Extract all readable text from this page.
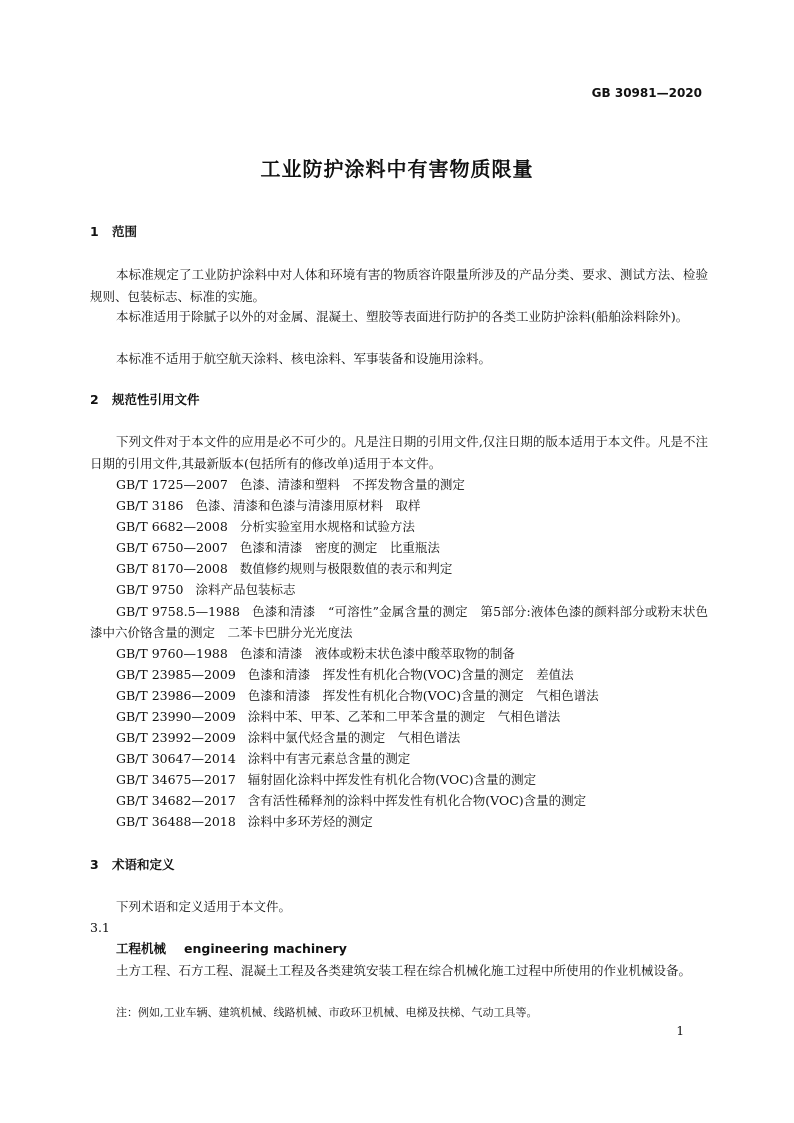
GB 30981—2020
工业防护涂料中有害物质限量
1 范围
本标准规定了工业防护涂料中对人体和环境有害的物质容许限量所涉及的产品分类、要求、测试方法、检验规则、包装标志、标准的实施。
本标准适用于除腻子以外的对金属、混凝土、塑胶等表面进行防护的各类工业防护涂料(船舶涂料除外)。
本标准不适用于航空航天涂料、核电涂料、军事装备和设施用涂料。
2 规范性引用文件
下列文件对于本文件的应用是必不可少的。凡是注日期的引用文件,仅注日期的版本适用于本文件。凡是不注日期的引用文件,其最新版本(包括所有的修改单)适用于本文件。
GB/T 1725—2007 色漆、清漆和塑料　不挥发物含量的测定
GB/T 3186 色漆、清漆和色漆与清漆用原材料　取样
GB/T 6682—2008 分析实验室用水规格和试验方法
GB/T 6750—2007 色漆和清漆　密度的测定　比重瓶法
GB/T 8170—2008 数值修约规则与极限数值的表示和判定
GB/T 9750 涂料产品包装标志
GB/T 9758.5—1988 色漆和清漆　“可溶性”金属含量的测定　第5部分:液体色漆的颜料部分或粉末状色漆中六价铬含量的测定　二苯卡巴肼分光光度法
GB/T 9760—1988 色漆和清漆　液体或粉末状色漆中酸萃取物的制备
GB/T 23985—2009 色漆和清漆　挥发性有机化合物(VOC)含量的测定　差值法
GB/T 23986—2009 色漆和清漆　挥发性有机化合物(VOC)含量的测定　气相色谱法
GB/T 23990—2009 涂料中苯、甲苯、乙苯和二甲苯含量的测定　气相色谱法
GB/T 23992—2009 涂料中氯代烃含量的测定　气相色谱法
GB/T 30647—2014 涂料中有害元素总含量的测定
GB/T 34675—2017 辐射固化涂料中挥发性有机化合物(VOC)含量的测定
GB/T 34682—2017 含有活性稀释剂的涂料中挥发性有机化合物(VOC)含量的测定
GB/T 36488—2018 涂料中多环芳烃的测定
3 术语和定义
下列术语和定义适用于本文件。
3.1
工程机械 engineering machinery
土方工程、石方工程、混凝土工程及各类建筑安装工程在综合机械化施工过程中所使用的作业机械设备。
注：例如,工业车辆、建筑机械、线路机械、市政环卫机械、电梯及扶梯、气动工具等。
1
